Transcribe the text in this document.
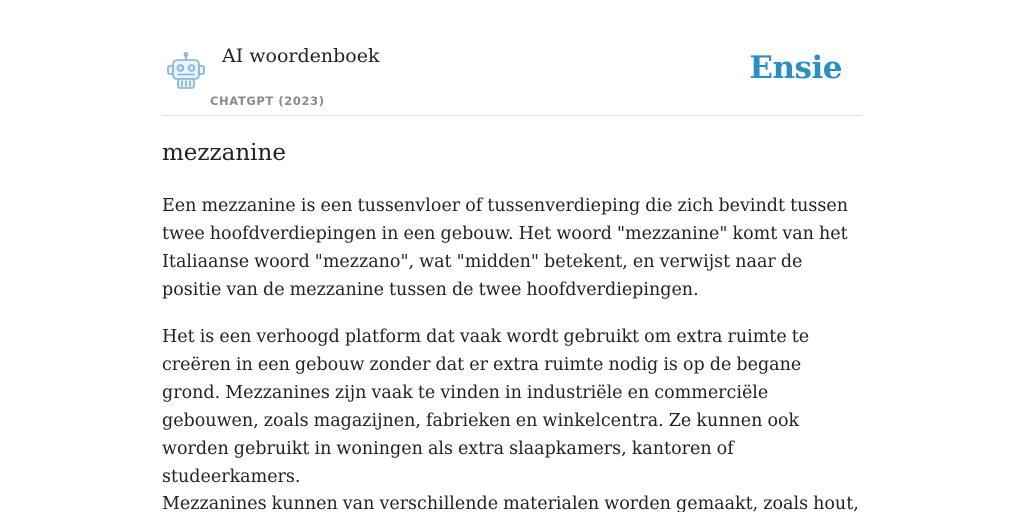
AI woordenboek
CHATGPT (2023)
Ensie
mezzanine

Een mezzanine is een tussenvloer of tussenverdieping die zich bevindt tussen twee hoofdverdiepingen in een gebouw. Het woord "mezzanine" komt van het Italiaanse woord "mezzano", wat "midden" betekent, en verwijst naar de positie van de mezzanine tussen de twee hoofdverdiepingen.

Het is een verhoogd platform dat vaak wordt gebruikt om extra ruimte te creëren in een gebouw zonder dat er extra ruimte nodig is op de begane grond. Mezzanines zijn vaak te vinden in industriële en commerciële gebouwen, zoals magazijnen, fabrieken en winkelcentra. Ze kunnen ook worden gebruikt in woningen als extra slaapkamers, kantoren of studeerkamers.

Mezzanines kunnen van verschillende materialen worden gemaakt, zoals hout,
